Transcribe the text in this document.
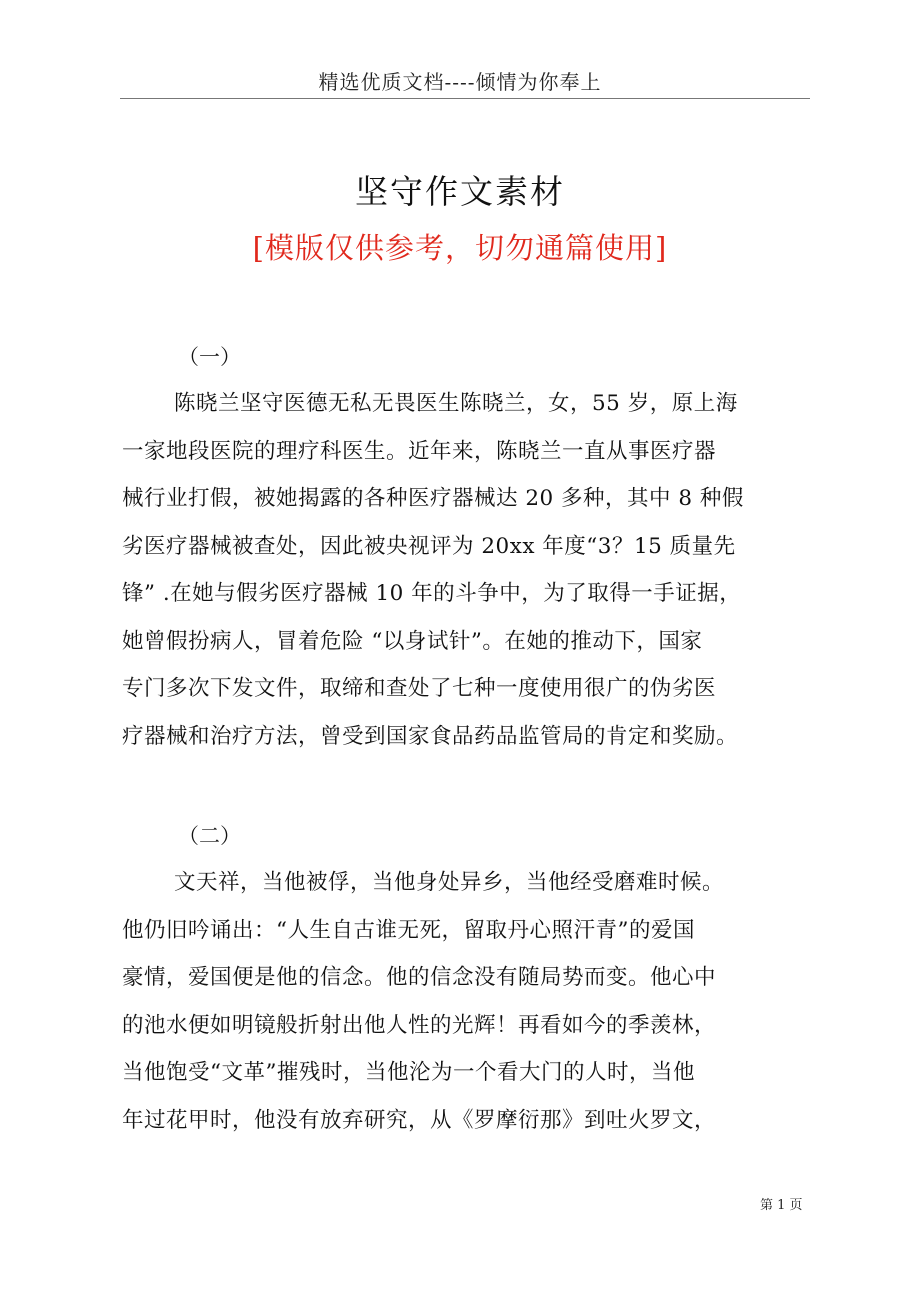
精选优质文档----倾情为你奉上
坚守作文素材
[模版仅供参考，切勿通篇使用]
（一）
陈晓兰坚守医德无私无畏医生陈晓兰，女，55 岁，原上海
一家地段医院的理疗科医生。近年来，陈晓兰一直从事医疗器
械行业打假，被她揭露的各种医疗器械达 20 多种，其中 8 种假
劣医疗器械被查处，因此被央视评为 20xx 年度“3？15 质量先
锋” .在她与假劣医疗器械 10 年的斗争中，为了取得一手证据，
她曾假扮病人，冒着危险 “以身试针”。在她的推动下，国家
专门多次下发文件，取缔和查处了七种一度使用很广的伪劣医
疗器械和治疗方法，曾受到国家食品药品监管局的肯定和奖励。
（二）
文天祥，当他被俘，当他身处异乡，当他经受磨难时候。
他仍旧吟诵出：“人生自古谁无死，留取丹心照汗青”的爱国
豪情，爱国便是他的信念。他的信念没有随局势而变。他心中
的池水便如明镜般折射出他人性的光辉！再看如今的季羡林，
当他饱受“文革”摧残时，当他沦为一个看大门的人时，当他
年过花甲时，他没有放弃研究，从《罗摩衍那》到吐火罗文，
第 1 页
